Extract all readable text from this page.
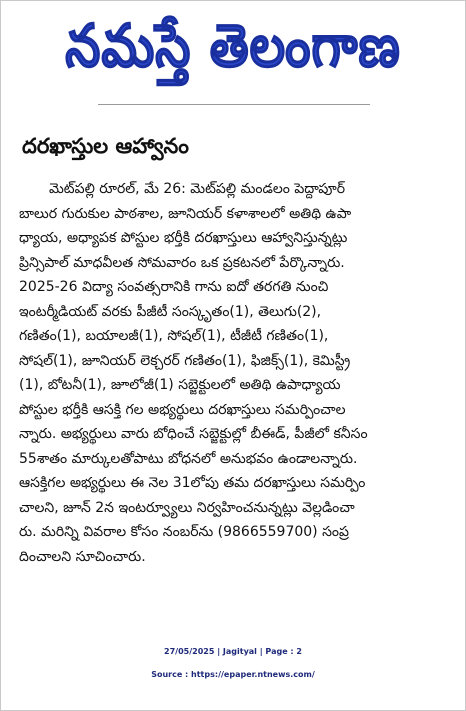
నమస్తే తెలంగాణ
దరఖాస్తుల ఆహ్వానం
మెట్‌పల్లి రూరల్, మే 26: మెట్‌పల్లి మండలం పెద్దాపూర్
బాలుర గురుకుల పాఠశాల, జూనియర్ కళాశాలలో అతిథి ఉపా
ధ్యాయ, అధ్యాపక పోస్టుల భర్తీకి దరఖాస్తులు ఆహ్వానిస్తున్నట్లు
ప్రిన్సిపాల్ మాధవీలత సోమవారం ఒక ప్రకటనలో పేర్కొన్నారు.
2025-26 విద్యా సంవత్సరానికి గాను ఐదో తరగతి నుంచి
ఇంటర్మీడియట్ వరకు పీజీటీ సంస్కృతం(1), తెలుగు(2),
గణితం(1), బయాలజీ(1), సోషల్(1), టీజీటీ గణితం(1),
సోషల్(1), జూనియర్ లెక్చరర్ గణితం(1), ఫిజిక్స్(1), కెమిస్ట్రీ
(1), బోటనీ(1), జూలోజీ(1) సబ్జెక్టులలో అతిథి ఉపాధ్యాయ
పోస్టుల భర్తీకి ఆసక్తి గల అభ్యర్థులు దరఖాస్తులు సమర్పించాల
న్నారు. అభ్యర్థులు వారు బోధించే సబ్జెక్టుల్లో బీఈడ్, పీజీలో కనీసం
55శాతం మార్కులతోపాటు బోధనలో అనుభవం ఉండాలన్నారు.
ఆసక్తిగల అభ్యర్థులు ఈ నెల 31లోపు తమ దరఖాస్తులు సమర్పిం
చాలని, జూన్ 2న ఇంటర్వ్యూలు నిర్వహించనున్నట్లు వెల్లడించా
రు. మరిన్ని వివరాల కోసం నంబర్‌ను (9866559700) సంప్ర
దించాలని సూచించారు.
27/05/2025 | Jagityal | Page : 2
Source : https://epaper.ntnews.com/
